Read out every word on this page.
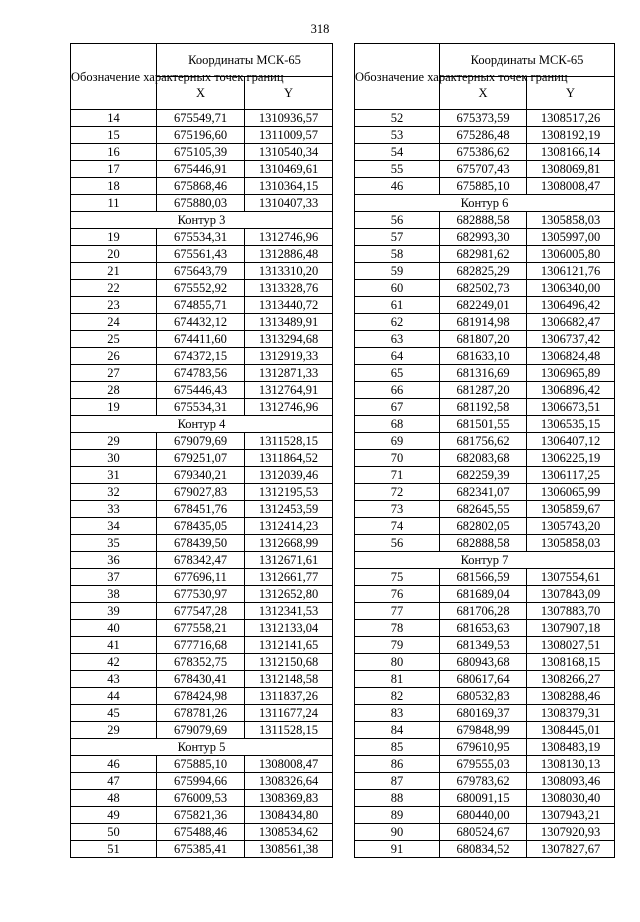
318
Обозначение характерных точек границ	Координаты МСК-65	
	X	Y
14	675549,71	1310936,57
15	675196,60	1311009,57
16	675105,39	1310540,34
17	675446,91	1310469,61
18	675868,46	1310364,15
11	675880,03	1310407,33
Контур 3		
19	675534,31	1312746,96
20	675561,43	1312886,48
21	675643,79	1313310,20
22	675552,92	1313328,76
23	674855,71	1313440,72
24	674432,12	1313489,91
25	674411,60	1313294,68
26	674372,15	1312919,33
27	674783,56	1312871,33
28	675446,43	1312764,91
19	675534,31	1312746,96
Контур 4		
29	679079,69	1311528,15
30	679251,07	1311864,52
31	679340,21	1312039,46
32	679027,83	1312195,53
33	678451,76	1312453,59
34	678435,05	1312414,23
35	678439,50	1312668,99
36	678342,47	1312671,61
37	677696,11	1312661,77
38	677530,97	1312652,80
39	677547,28	1312341,53
40	677558,21	1312133,04
41	677716,68	1312141,65
42	678352,75	1312150,68
43	678430,41	1312148,58
44	678424,98	1311837,26
45	678781,26	1311677,24
29	679079,69	1311528,15
Контур 5		
46	675885,10	1308008,47
47	675994,66	1308326,64
48	676009,53	1308369,83
49	675821,36	1308434,80
50	675488,46	1308534,62
51	675385,41	1308561,38
Обозначение характерных точек границ	Координаты МСК-65	
	X	Y
52	675373,59	1308517,26
53	675286,48	1308192,19
54	675386,62	1308166,14
55	675707,43	1308069,81
46	675885,10	1308008,47
Контур 6		
56	682888,58	1305858,03
57	682993,30	1305997,00
58	682981,62	1306005,80
59	682825,29	1306121,76
60	682502,73	1306340,00
61	682249,01	1306496,42
62	681914,98	1306682,47
63	681807,20	1306737,42
64	681633,10	1306824,48
65	681316,69	1306965,89
66	681287,20	1306896,42
67	681192,58	1306673,51
68	681501,55	1306535,15
69	681756,62	1306407,12
70	682083,68	1306225,19
71	682259,39	1306117,25
72	682341,07	1306065,99
73	682645,55	1305859,67
74	682802,05	1305743,20
56	682888,58	1305858,03
Контур 7		
75	681566,59	1307554,61
76	681689,04	1307843,09
77	681706,28	1307883,70
78	681653,63	1307907,18
79	681349,53	1308027,51
80	680943,68	1308168,15
81	680617,64	1308266,27
82	680532,83	1308288,46
83	680169,37	1308379,31
84	679848,99	1308445,01
85	679610,95	1308483,19
86	679555,03	1308130,13
87	679783,62	1308093,46
88	680091,15	1308030,40
89	680440,00	1307943,21
90	680524,67	1307920,93
91	680834,52	1307827,67
